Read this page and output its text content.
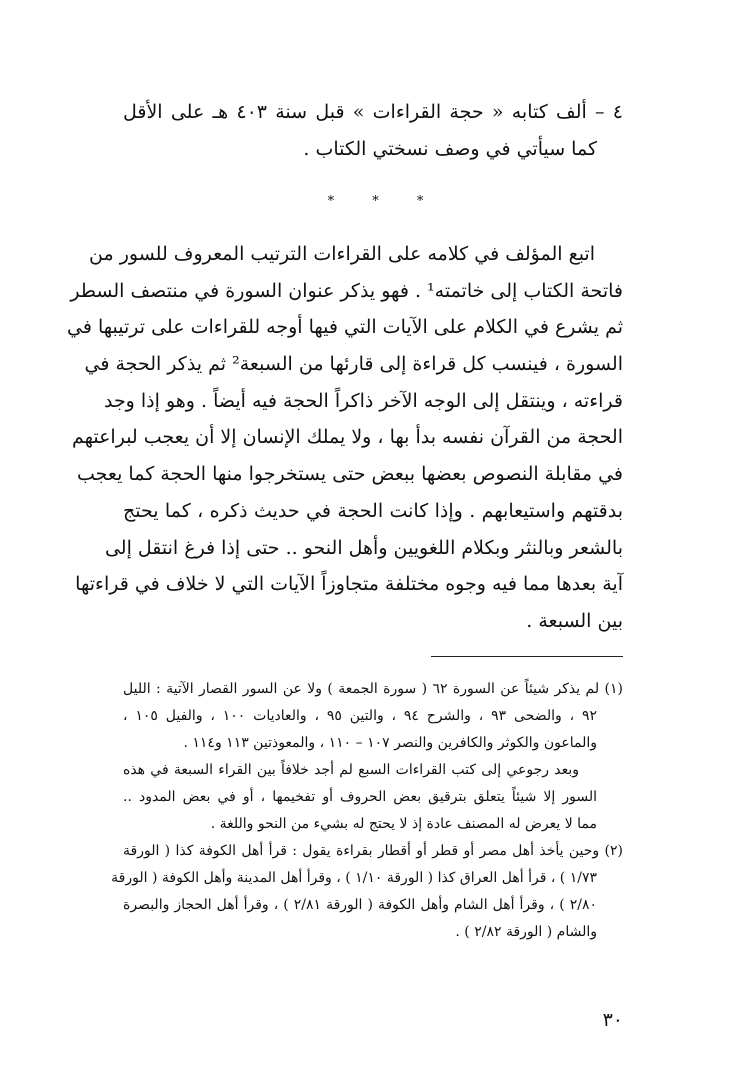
٤ – ألف كتابه « حجة القراءات » قبل سنة ٤٠٣ هـ على الأقل
كما سيأتي في وصف نسختي الكتاب .
*	*	*
اتبع المؤلف في كلامه على القراءات الترتيب المعروف للسور من
فاتحة الكتاب إلى خاتمته¹ . فهو يذكر عنوان السورة في منتصف السطر
ثم يشرع في الكلام على الآيات التي فيها أوجه للقراءات على ترتيبها في
السورة ، فينسب كل قراءة إلى قارئها من السبعة² ثم يذكر الحجة في
قراءته ، وينتقل إلى الوجه الآخر ذاكراً الحجة فيه أيضاً . وهو إذا وجد
الحجة من القرآن نفسه بدأ بها ، ولا يملك الإنسان إلا أن يعجب لبراعتهم
في مقابلة النصوص بعضها ببعض حتى يستخرجوا منها الحجة كما يعجب
بدقتهم واستيعابهم . وإذا كانت الحجة في حديث ذكره ، كما يحتج
بالشعر وبالنثر وبكلام اللغويين وأهل النحو .. حتى إذا فرغ انتقل إلى
آية بعدها مما فيه وجوه مختلفة متجاوزاً الآيات التي لا خلاف في قراءتها
بين السبعة .
(١) لم يذكر شيئاً عن السورة ٦٢ ( سورة الجمعة ) ولا عن السور القصار الآتية : الليل
٩٢ ، والضحى ٩٣ ، والشرح ٩٤ ، والتين ٩٥ ، والعاديات ١٠٠ ، والفيل ١٠٥ ،
والماعون والكوثر والكافرين والنصر ١٠٧ – ١١٠ ، والمعوذتين ١١٣ و١١٤ .
وبعد رجوعي إلى كتب القراءات السبع لم أجد خلافاً بين القراء السبعة في هذه
السور إلا شيئاً يتعلق بترقيق بعض الحروف أو تفخيمها ، أو في بعض المدود ..
مما لا يعرض له المصنف عادة إذ لا يحتج له بشيء من النحو واللغة .
(٢) وحين يأخذ أهل مصر أو قطر أو أقطار بقراءة يقول : قرأ أهل الكوفة كذا ( الورقة
١/٧٣ ) ، قرأ أهل العراق كذا ( الورقة ١/١٠ ) ، وقرأ أهل المدينة وأهل الكوفة ( الورقة
٢/٨٠ ) ، وقرأ أهل الشام وأهل الكوفة ( الورقة ٢/٨١ ) ، وقرأ أهل الحجاز والبصرة
والشام ( الورقة ٢/٨٢ ) .
٣٠
